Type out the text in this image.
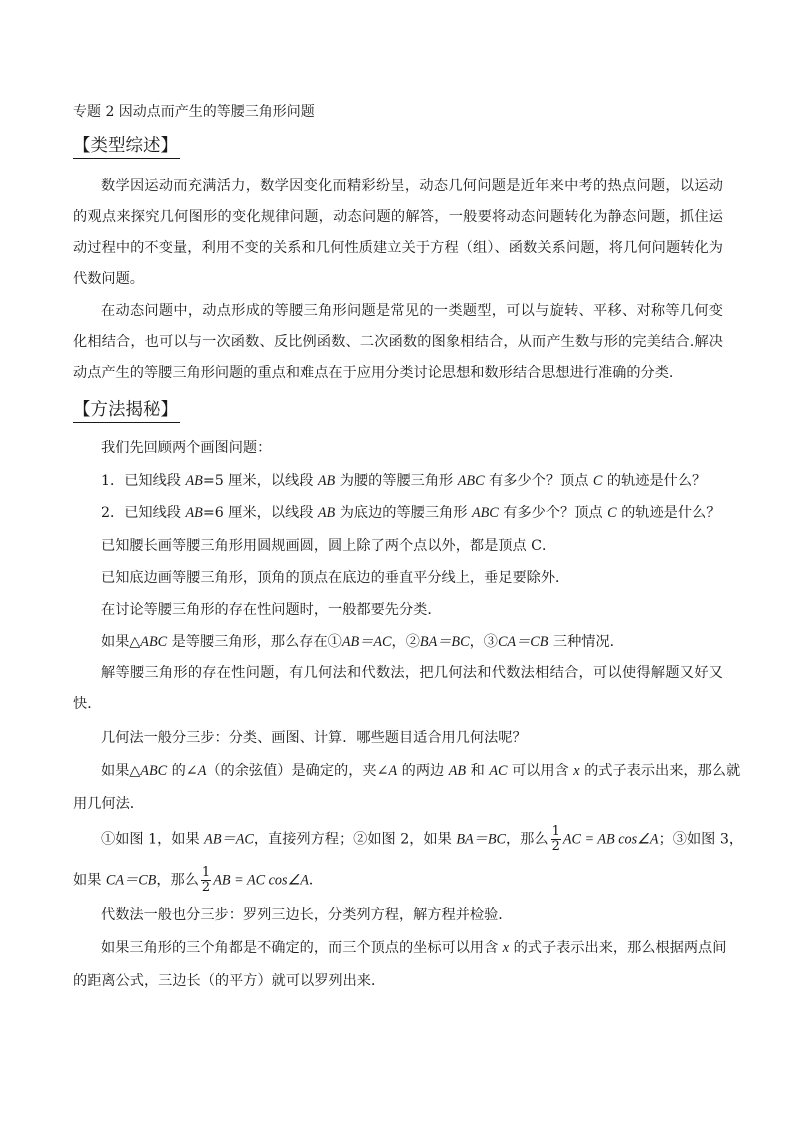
专题 2 因动点而产生的等腰三角形问题
【类型综述】
数学因运动而充满活力，数学因变化而精彩纷呈，动态几何问题是近年来中考的热点问题，以运动的观点来探究几何图形的变化规律问题，动态问题的解答，一般要将动态问题转化为静态问题，抓住运动过程中的不变量，利用不变的关系和几何性质建立关于方程（组）、函数关系问题，将几何问题转化为代数问题。
在动态问题中，动点形成的等腰三角形问题是常见的一类题型，可以与旋转、平移、对称等几何变化相结合，也可以与一次函数、反比例函数、二次函数的图象相结合，从而产生数与形的完美结合.解决动点产生的等腰三角形问题的重点和难点在于应用分类讨论思想和数形结合思想进行准确的分类.
【方法揭秘】
我们先回顾两个画图问题：
1．已知线段 AB=5 厘米，以线段 AB 为腰的等腰三角形 ABC 有多少个？顶点 C 的轨迹是什么？
2．已知线段 AB=6 厘米，以线段 AB 为底边的等腰三角形 ABC 有多少个？顶点 C 的轨迹是什么？
已知腰长画等腰三角形用圆规画圆，圆上除了两个点以外，都是顶点 C．
已知底边画等腰三角形，顶角的顶点在底边的垂直平分线上，垂足要除外．
在讨论等腰三角形的存在性问题时，一般都要先分类．
如果△ABC 是等腰三角形，那么存在①AB＝AC，②BA＝BC，③CA＝CB 三种情况．
解等腰三角形的存在性问题，有几何法和代数法，把几何法和代数法相结合，可以使得解题又好又快．
几何法一般分三步：分类、画图、计算．哪些题目适合用几何法呢？
如果△ABC 的∠A（的余弦值）是确定的，夹∠A 的两边 AB 和 AC 可以用含 x 的式子表示出来，那么就
用几何法．
①如图 1，如果 AB＝AC，直接列方程；②如图 2，如果 BA＝BC，那么 $\frac{1}{2}$ AC = AB cos∠A；③如图 3，
如果 CA＝CB，那么 $\frac{1}{2}$ AB = AC cos∠A．
代数法一般也分三步：罗列三边长，分类列方程，解方程并检验．
如果三角形的三个角都是不确定的，而三个顶点的坐标可以用含 x 的式子表示出来，那么根据两点间
的距离公式，三边长（的平方）就可以罗列出来．
